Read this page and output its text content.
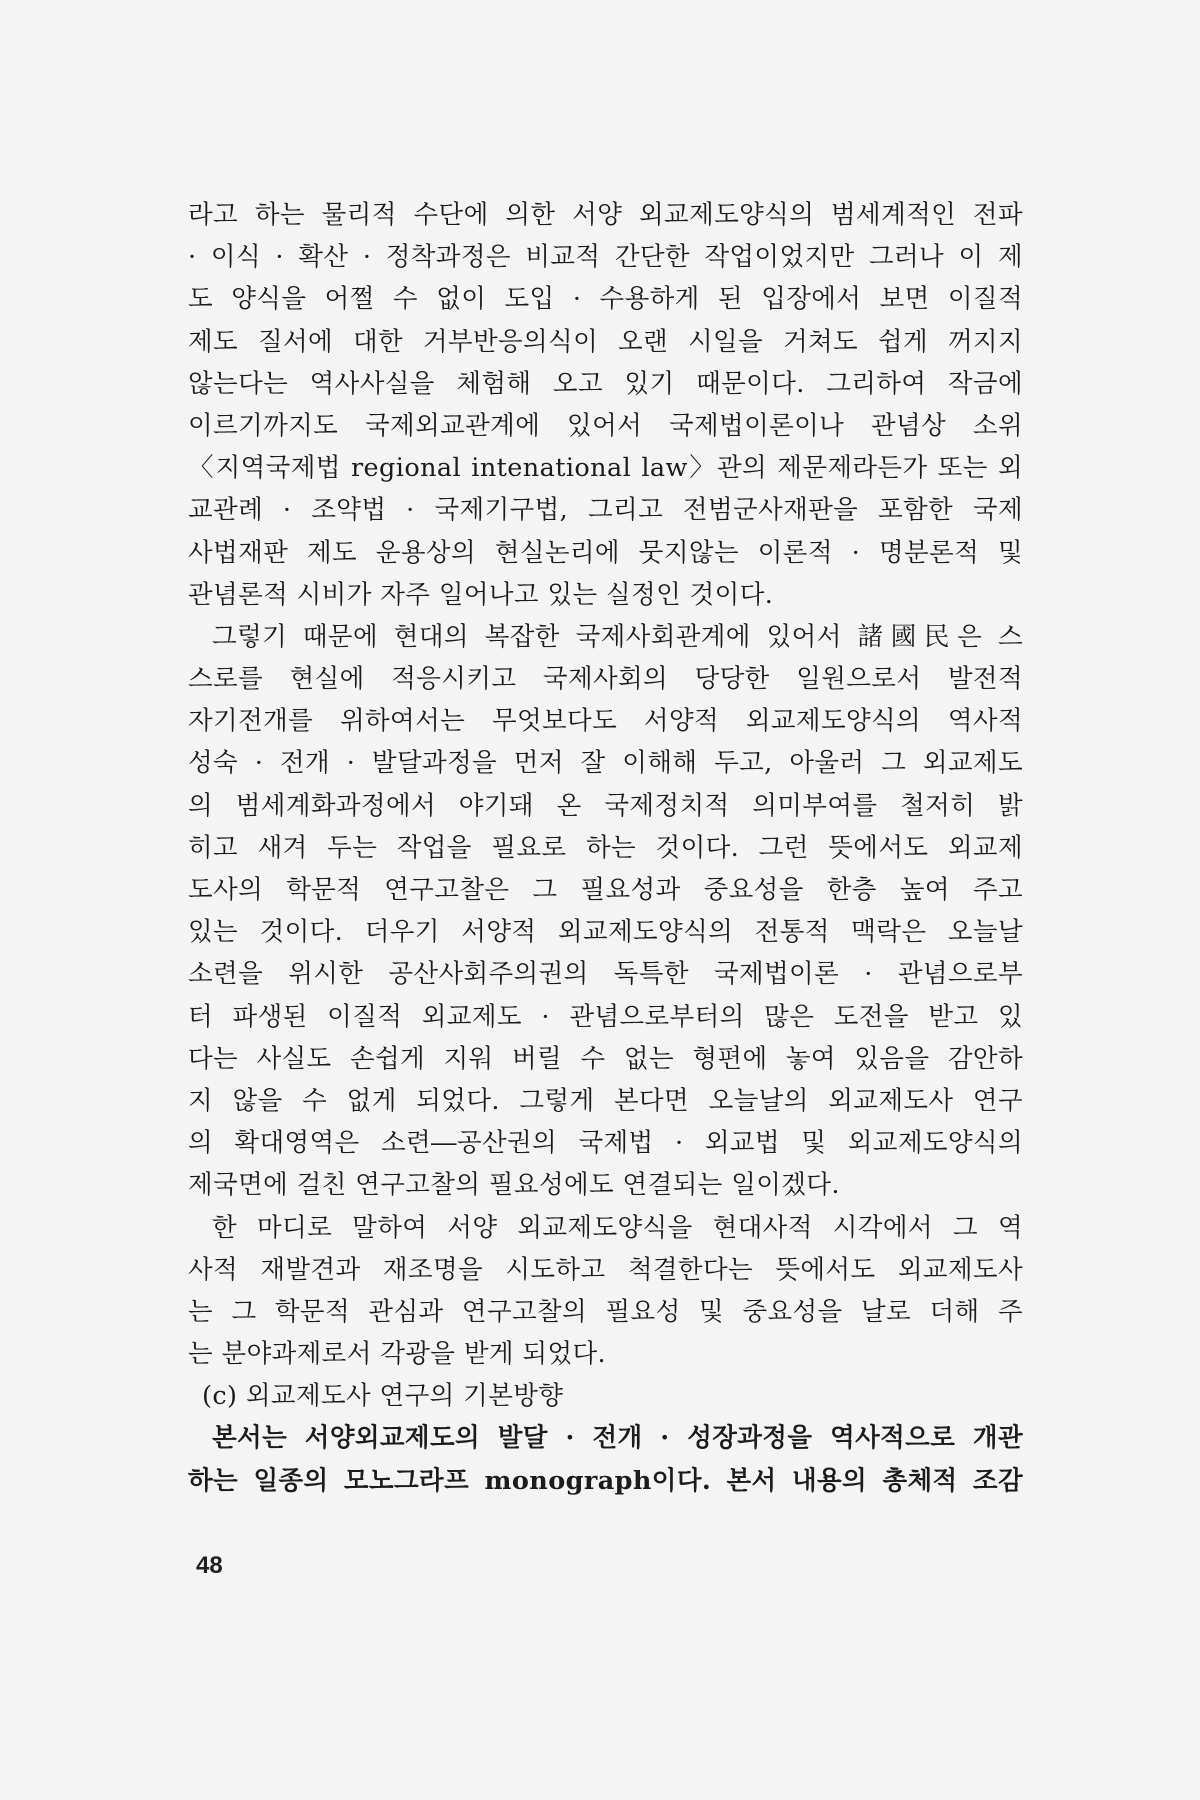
라고 하는 물리적 수단에 의한 서양 외교제도양식의 범세계적인 전파
· 이식 · 확산 · 정착과정은 비교적 간단한 작업이었지만 그러나 이 제
도 양식을 어쩔 수 없이 도입 · 수용하게 된 입장에서 보면 이질적
제도 질서에 대한 거부반응의식이 오랜 시일을 거쳐도 쉽게 꺼지지
않는다는 역사사실을 체험해 오고 있기 때문이다. 그리하여 작금에
이르기까지도 국제외교관계에 있어서 국제법이론이나 관념상 소위
〈지역국제법 regional intenational law〉관의 제문제라든가 또는 외
교관례 · 조약법 · 국제기구법, 그리고 전범군사재판을 포함한 국제
사법재판 제도 운용상의 현실논리에 뭇지않는 이론적 · 명분론적 및
관념론적 시비가 자주 일어나고 있는 실정인 것이다.
그렇기 때문에 현대의 복잡한 국제사회관계에 있어서 諸國民은 스
스로를 현실에 적응시키고 국제사회의 당당한 일원으로서 발전적
자기전개를 위하여서는 무엇보다도 서양적 외교제도양식의 역사적
성숙 · 전개 · 발달과정을 먼저 잘 이해해 두고, 아울러 그 외교제도
의 범세계화과정에서 야기돼 온 국제정치적 의미부여를 철저히 밝
히고 새겨 두는 작업을 필요로 하는 것이다. 그런 뜻에서도 외교제
도사의 학문적 연구고찰은 그 필요성과 중요성을 한층 높여 주고
있는 것이다. 더우기 서양적 외교제도양식의 전통적 맥락은 오늘날
소련을 위시한 공산사회주의권의 독특한 국제법이론 · 관념으로부
터 파생된 이질적 외교제도 · 관념으로부터의 많은 도전을 받고 있
다는 사실도 손쉽게 지워 버릴 수 없는 형편에 놓여 있음을 감안하
지 않을 수 없게 되었다. 그렇게 본다면 오늘날의 외교제도사 연구
의 확대영역은 소련―공산권의 국제법 · 외교법 및 외교제도양식의
제국면에 걸친 연구고찰의 필요성에도 연결되는 일이겠다.
한 마디로 말하여 서양 외교제도양식을 현대사적 시각에서 그 역
사적 재발견과 재조명을 시도하고 척결한다는 뜻에서도 외교제도사
는 그 학문적 관심과 연구고찰의 필요성 및 중요성을 날로 더해 주
는 분야과제로서 각광을 받게 되었다.
(c) 외교제도사 연구의 기본방향
본서는 서양외교제도의 발달 · 전개 · 성장과정을 역사적으로 개관
하는 일종의 모노그라프 monograph이다. 본서 내용의 총체적 조감
48
